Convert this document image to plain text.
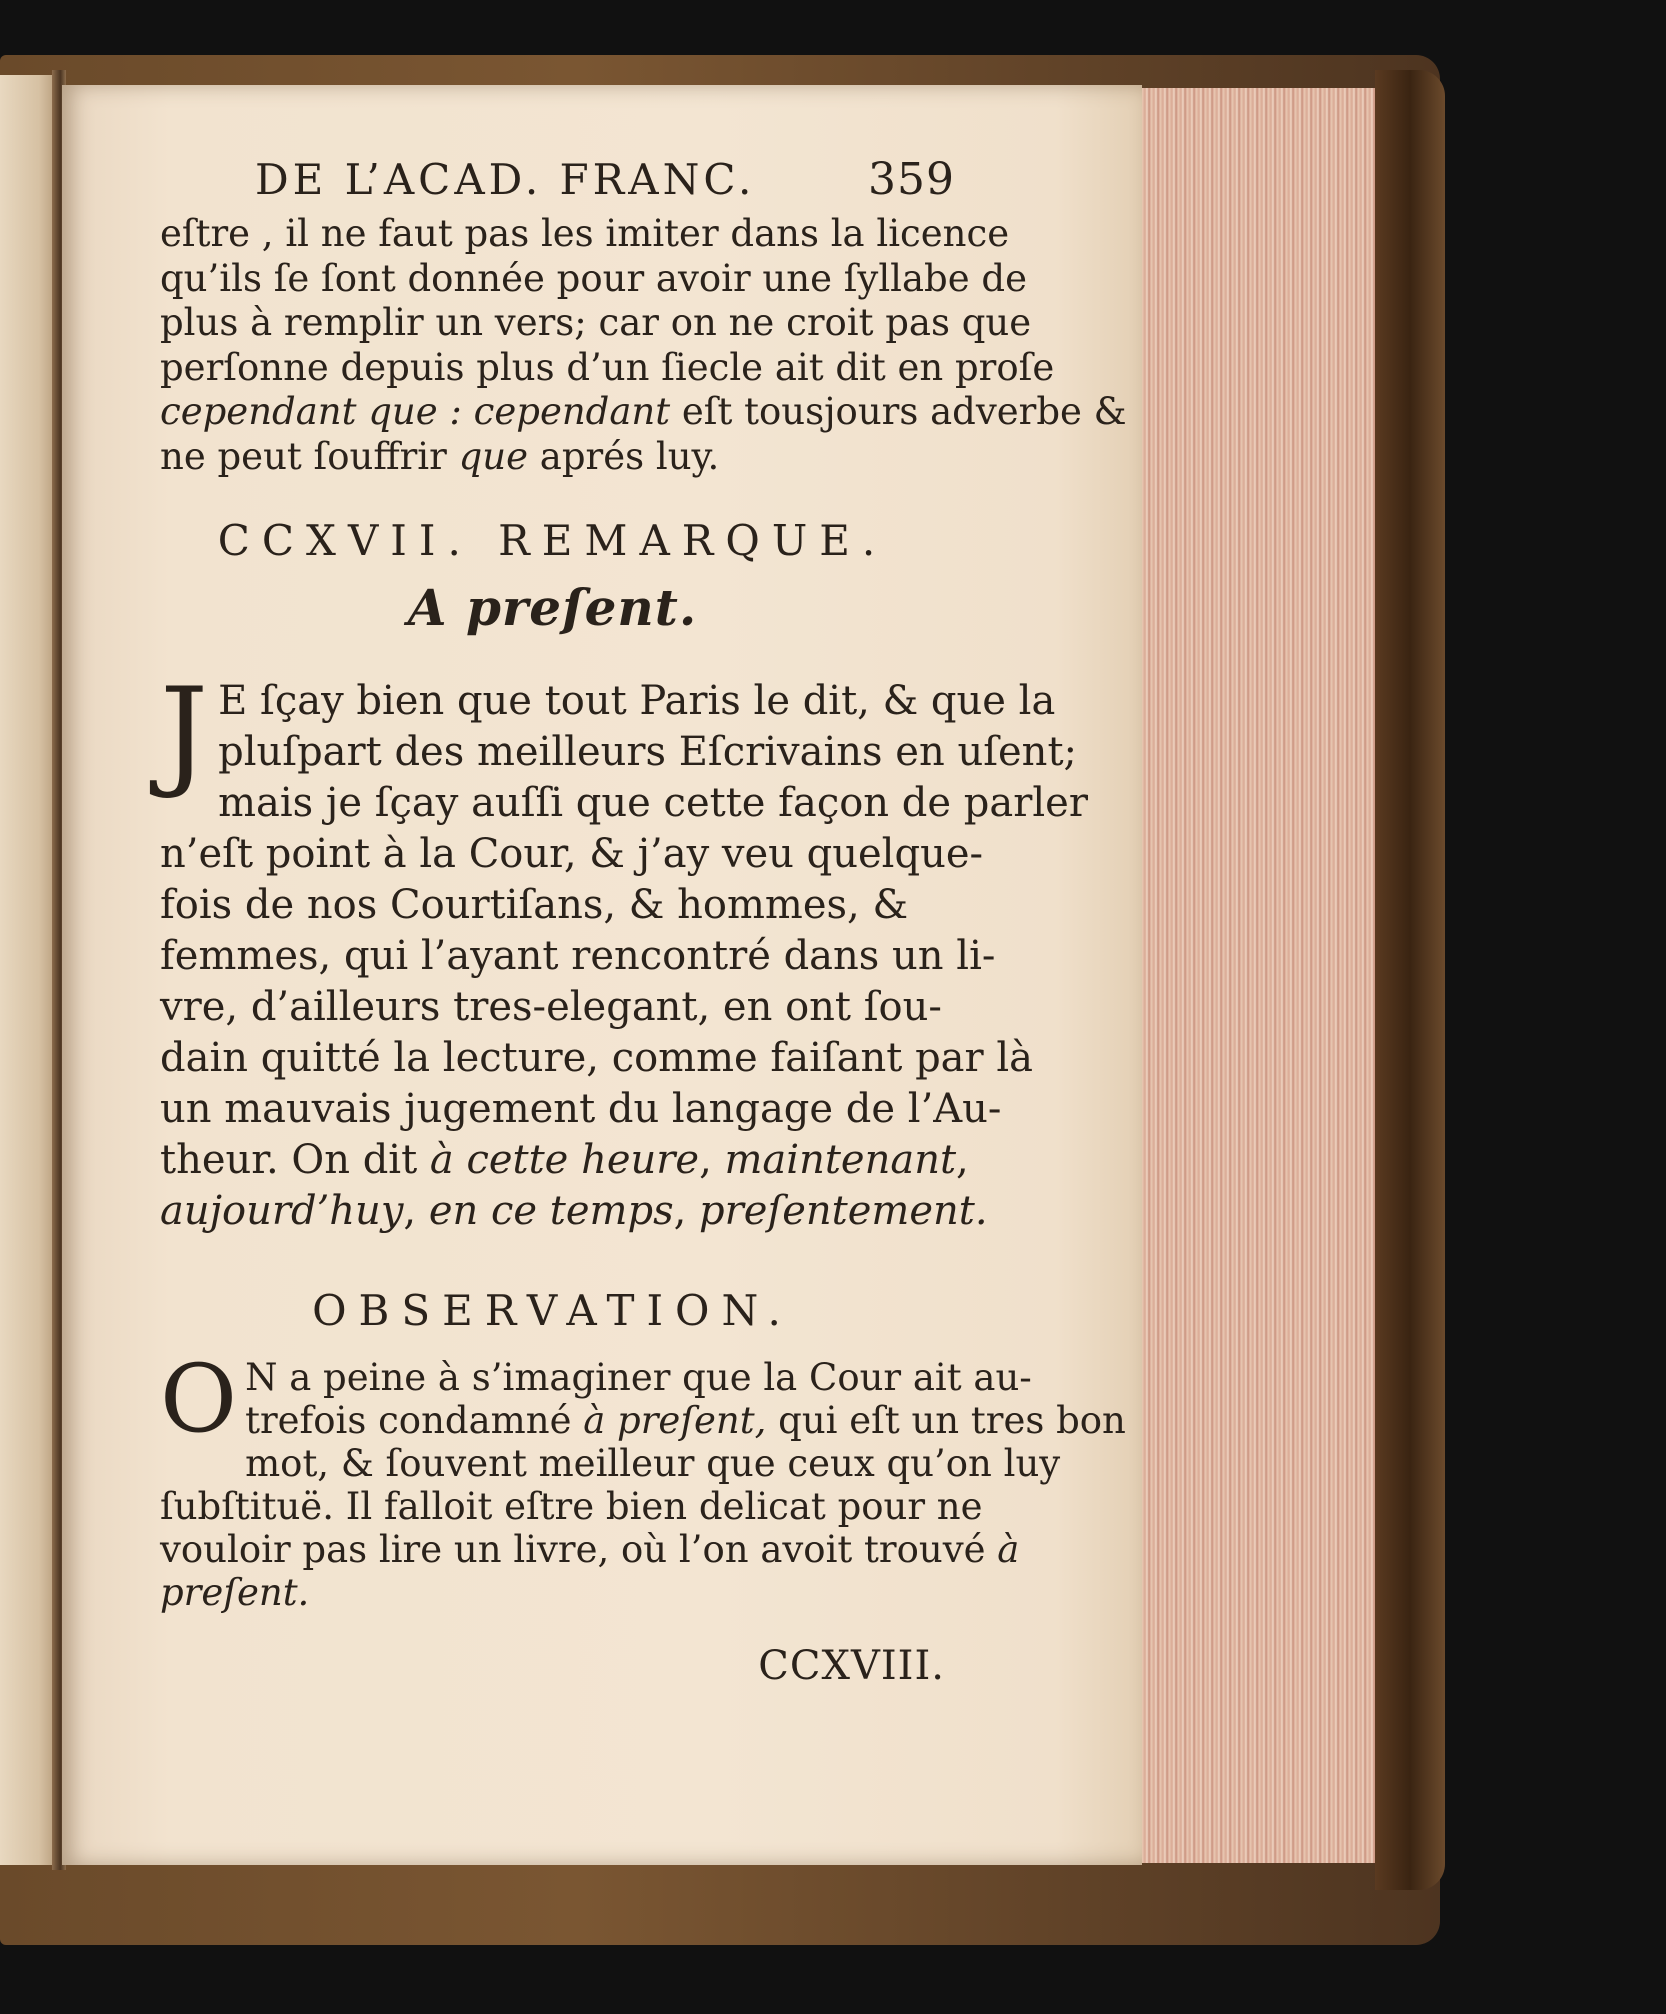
DE L’ACAD. FRANC.	359
eſtre , il ne faut pas les imiter dans la licence
qu’ils ſe ſont donnée pour avoir une ſyllabe de
plus à remplir un vers; car on ne croit pas que
perſonne depuis plus d’un ſiecle ait dit en proſe
cependant que : cependant eſt tousjours adverbe &
ne peut ſouffrir que aprés luy.
CCXVII. REMARQUE.
A preſent.
J E ſçay bien que tout Paris le dit, & que la
pluſpart des meilleurs Eſcrivains en uſent;
mais je ſçay auſſi que cette façon de parler
n’eſt point à la Cour, & j’ay veu quelque-
fois de nos Courtiſans, & hommes, &
femmes, qui l’ayant rencontré dans un li-
vre, d’ailleurs tres-elegant, en ont ſou-
dain quitté la lecture, comme faiſant par là
un mauvais jugement du langage de l’Au-
theur. On dit à cette heure, maintenant
aujourd’huy, en ce temps, preſentement.
OBSERVATION.
O N a peine à s’imaginer que la Cour ait au-
trefois condamné à preſent, qui eſt un tres bon
mot, & ſouvent meilleur que ceux qu’on luy
ſubſtituë. Il falloit eſtre bien delicat pour ne
vouloir pas lire un livre, où l’on avoit trouvé à
preſent.
CCXVIII.
